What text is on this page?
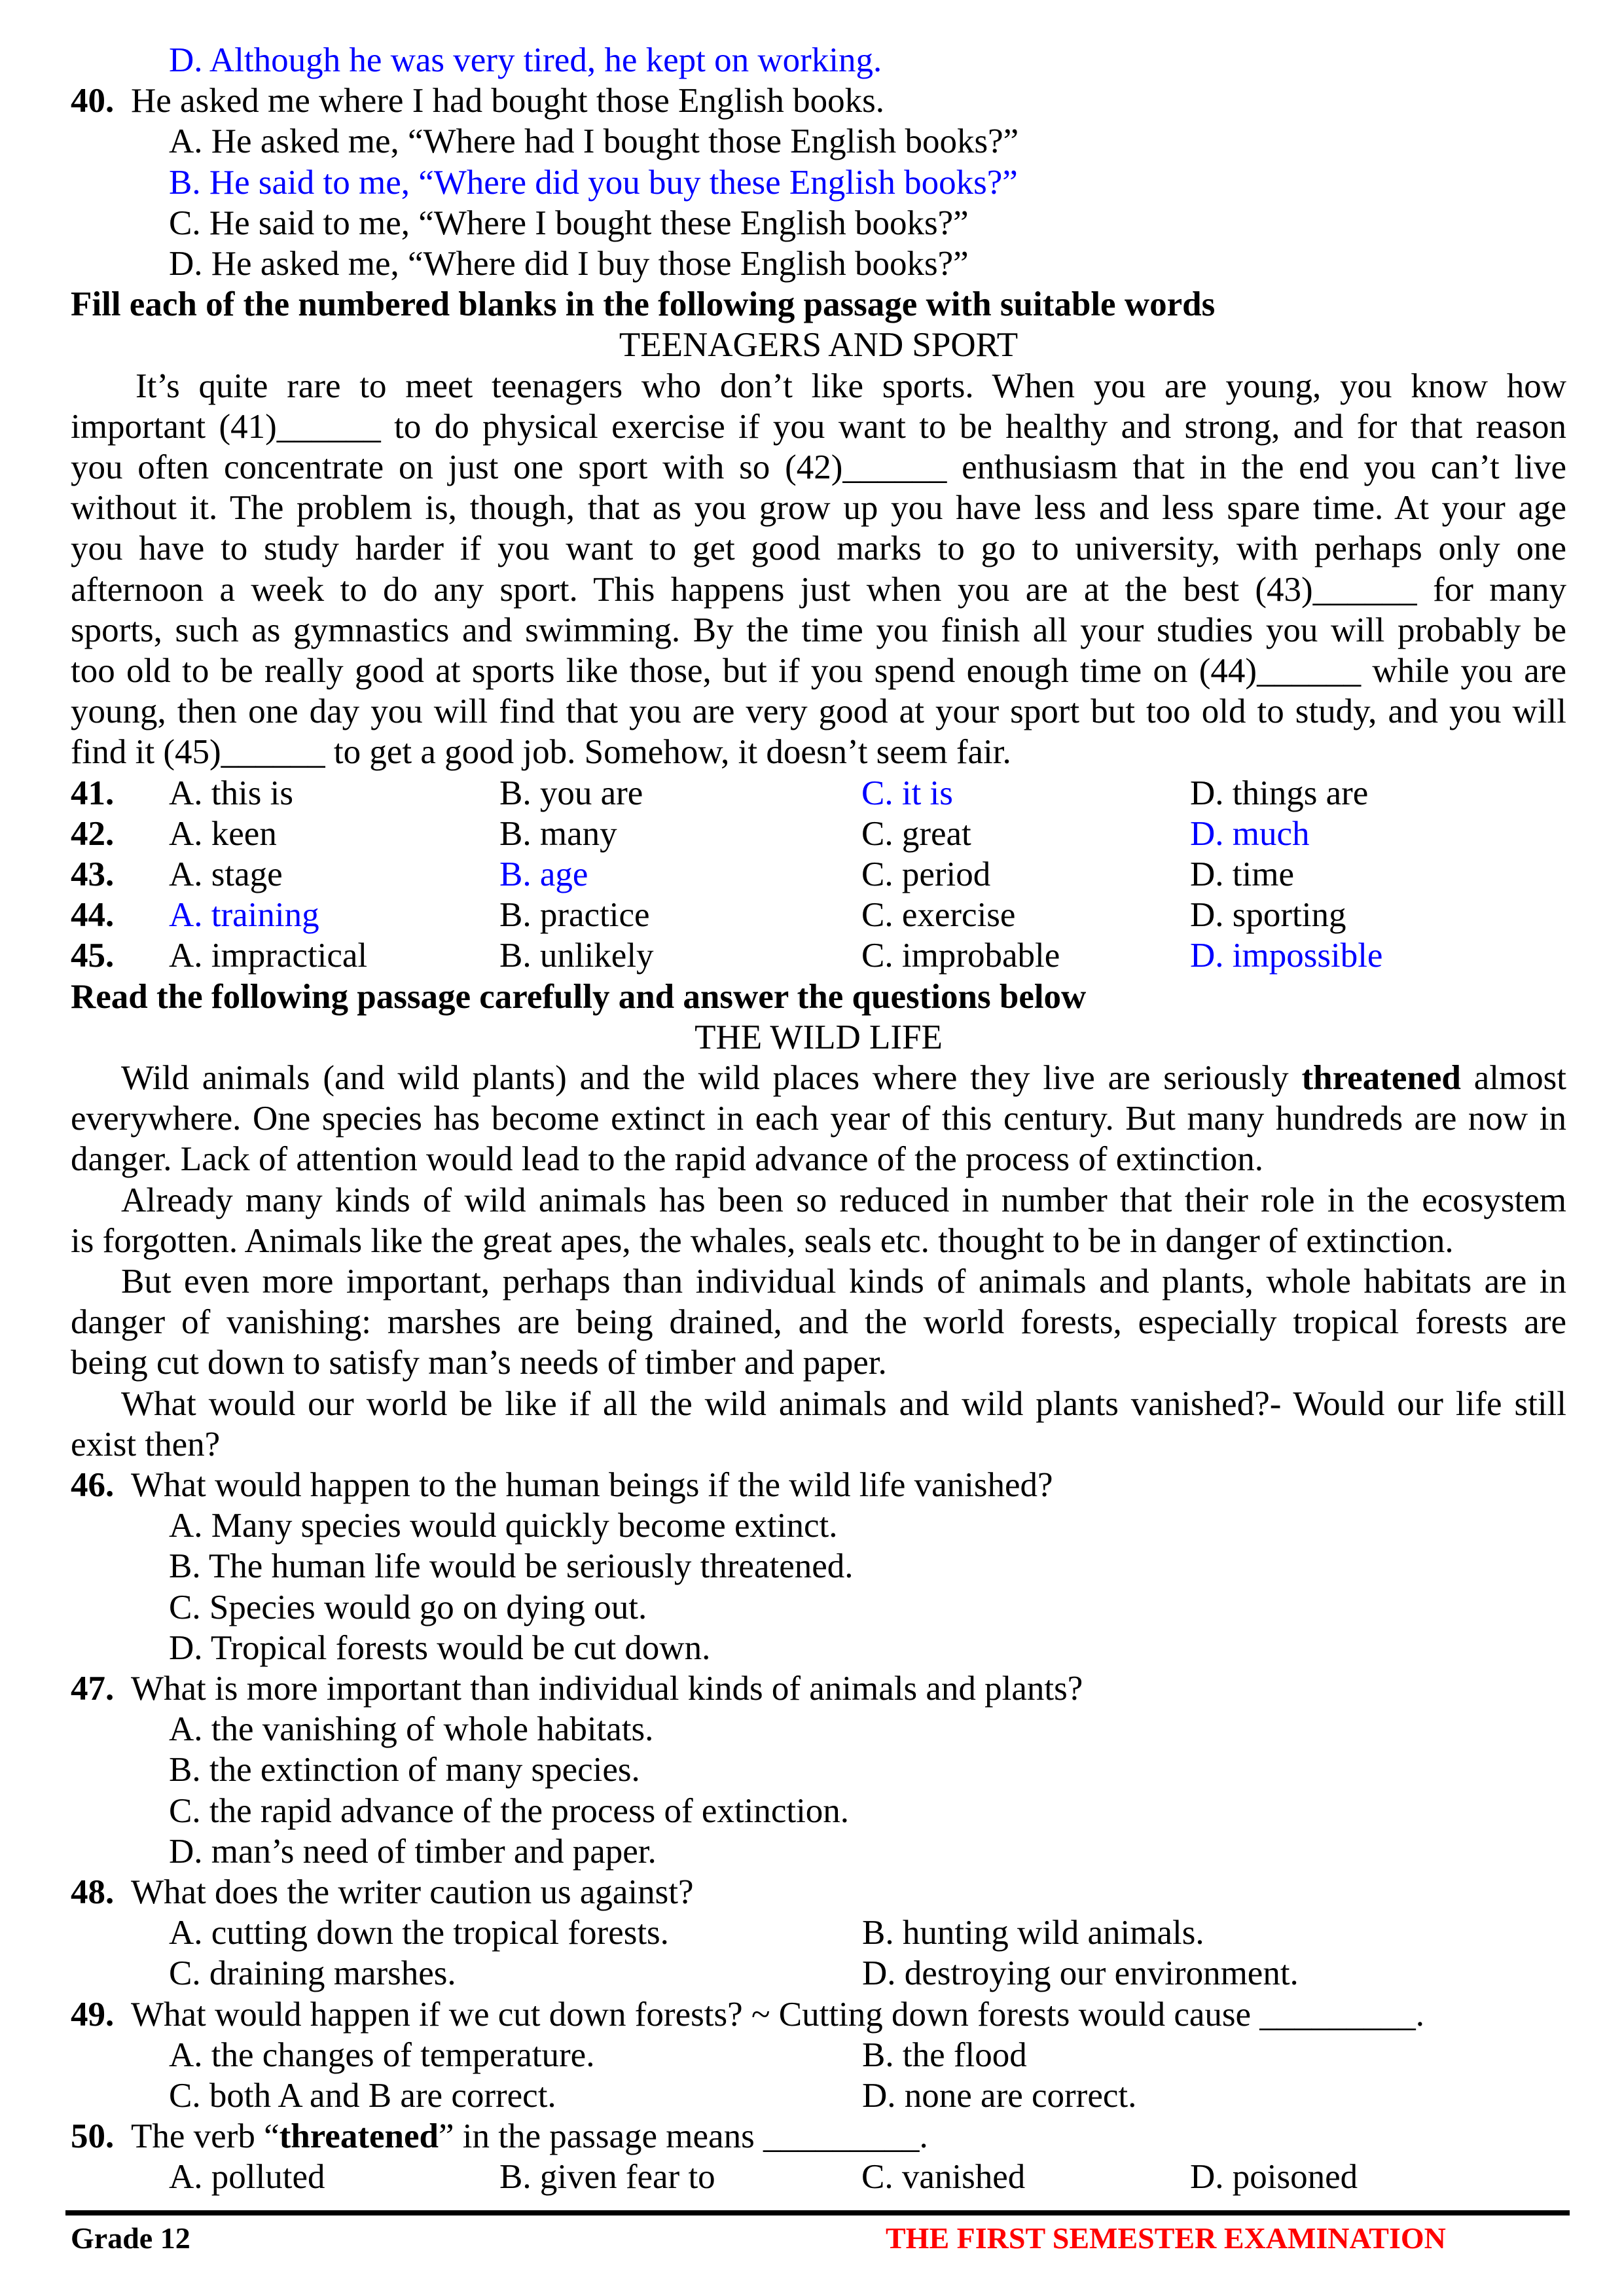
D. Although he was very tired, he kept on working.
40. He asked me where I had bought those English books.
A. He asked me, “Where had I bought those English books?”
B. He said to me, “Where did you buy these English books?”
C. He said to me, “Where I bought these English books?”
D. He asked me, “Where did I buy those English books?”
Fill each of the numbered blanks in the following passage with suitable words
TEENAGERS AND SPORT
It’s quite rare to meet teenagers who don’t like sports. When you are young, you know how
important (41)______ to do physical exercise if you want to be healthy and strong, and for that reason
you often concentrate on just one sport with so (42)______ enthusiasm that in the end you can’t live
without it. The problem is, though, that as you grow up you have less and less spare time. At your age
you have to study harder if you want to get good marks to go to university, with perhaps only one
afternoon a week to do any sport. This happens just when you are at the best (43)______ for many
sports, such as gymnastics and swimming. By the time you finish all your studies you will probably be
too old to be really good at sports like those, but if you spend enough time on (44)______ while you are
young, then one day you will find that you are very good at your sport but too old to study, and you will
find it (45)______ to get a good job. Somehow, it doesn’t seem fair.
41. A. this is	B. you are	C. it is	D. things are
42. A. keen	B. many	C. great	D. much
43. A. stage	B. age	C. period	D. time
44. A. training	B. practice	C. exercise	D. sporting
45. A. impractical	B. unlikely	C. improbable	D. impossible
Read the following passage carefully and answer the questions below
THE WILD LIFE
Wild animals (and wild plants) and the wild places where they live are seriously threatened almost
everywhere. One species has become extinct in each year of this century. But many hundreds are now in
danger. Lack of attention would lead to the rapid advance of the process of extinction.
Already many kinds of wild animals has been so reduced in number that their role in the ecosystem
is forgotten. Animals like the great apes, the whales, seals etc. thought to be in danger of extinction.
But even more important, perhaps than individual kinds of animals and plants, whole habitats are in
danger of vanishing: marshes are being drained, and the world forests, especially tropical forests are
being cut down to satisfy man’s needs of timber and paper.
What would our world be like if all the wild animals and wild plants vanished?- Would our life still
exist then?
46. What would happen to the human beings if the wild life vanished?
A. Many species would quickly become extinct.
B. The human life would be seriously threatened.
C. Species would go on dying out.
D. Tropical forests would be cut down.
47. What is more important than individual kinds of animals and plants?
A. the vanishing of whole habitats.
B. the extinction of many species.
C. the rapid advance of the process of extinction.
D. man’s need of timber and paper.
48. What does the writer caution us against?
A. cutting down the tropical forests.	B. hunting wild animals.
C. draining marshes.	D. destroying our environment.
49. What would happen if we cut down forests? ~ Cutting down forests would cause _________.
A. the changes of temperature.	B. the flood
C. both A and B are correct.	D. none are correct.
50. The verb “threatened” in the passage means _________.
A. polluted	B. given fear to	C. vanished	D. poisoned
Grade 12	THE FIRST SEMESTER EXAMINATION
